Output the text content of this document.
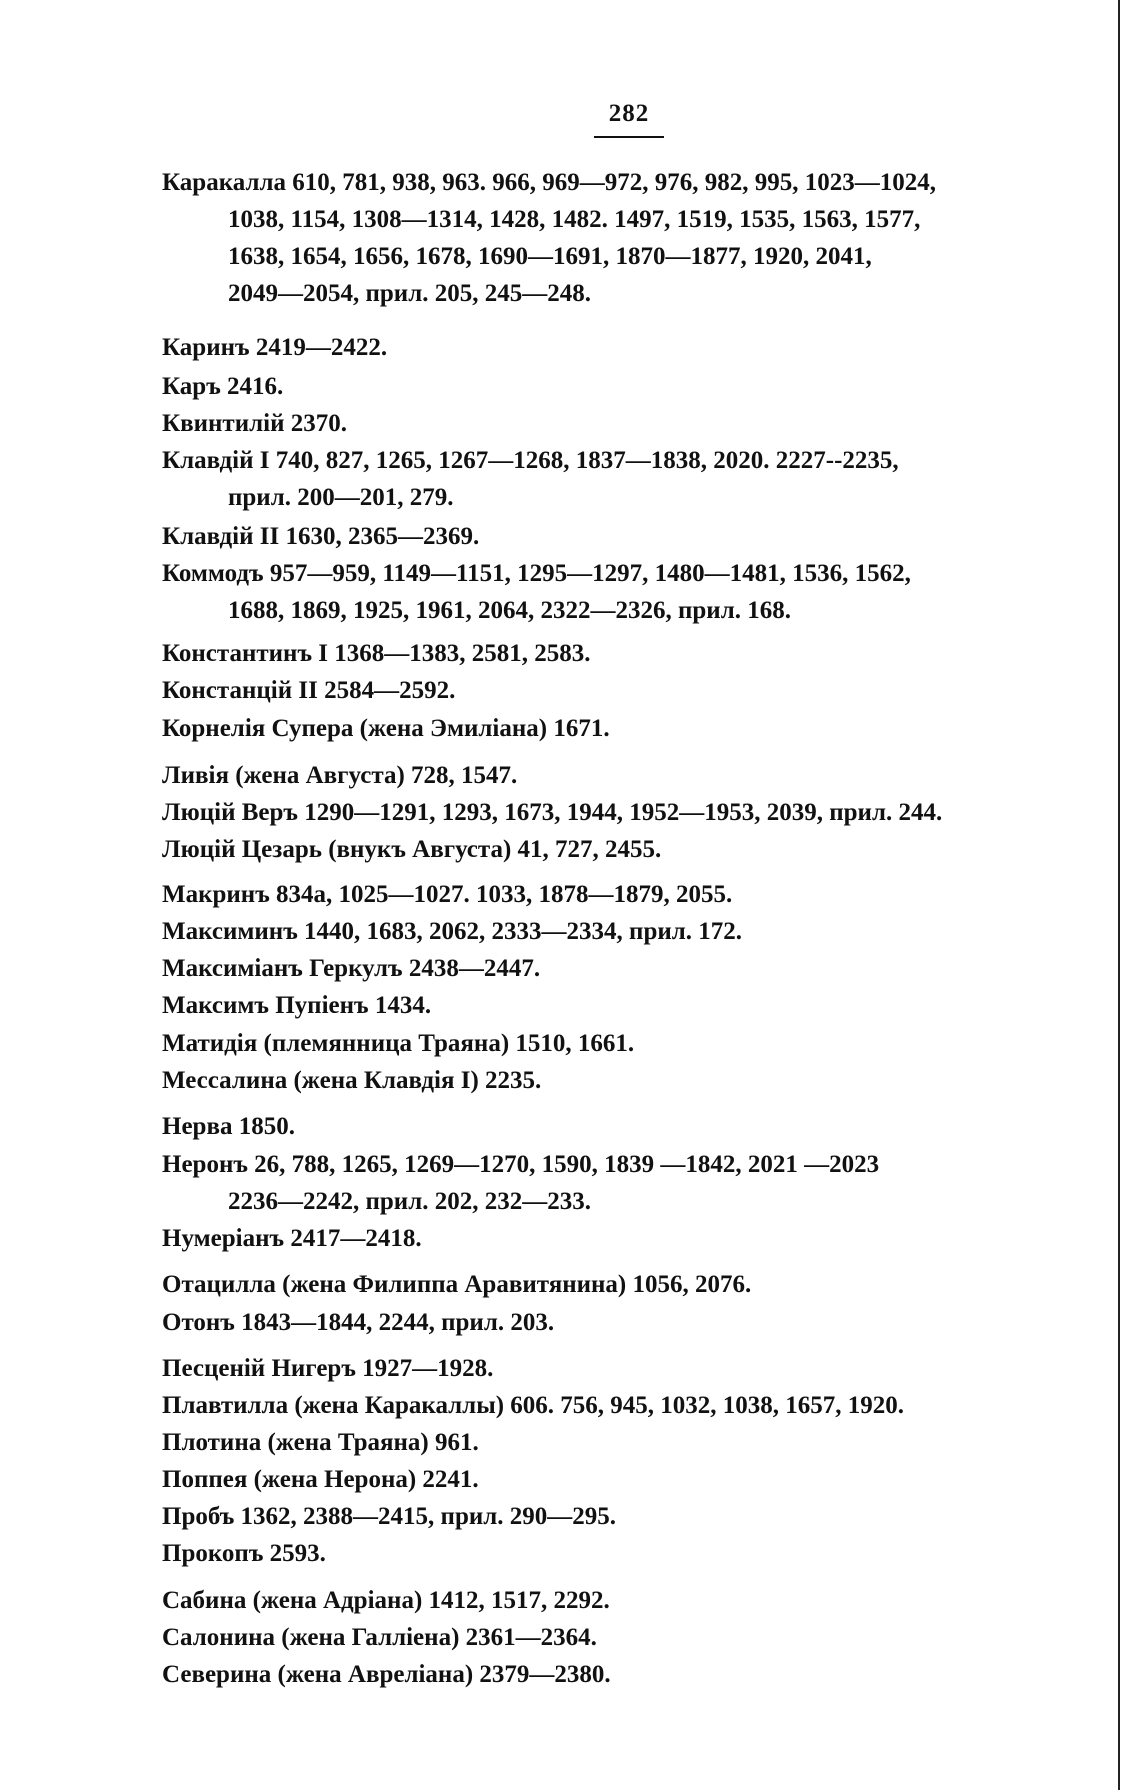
282
Каракалла 610, 781, 938, 963. 966, 969—972, 976, 982, 995, 1023—1024,
1038, 1154, 1308—1314, 1428, 1482. 1497, 1519, 1535, 1563, 1577,
1638, 1654, 1656, 1678, 1690—1691, 1870—1877, 1920, 2041,
2049—2054, прил. 205, 245—248.
Каринъ 2419—2422.
Каръ 2416.
Квинтилій 2370.
Клавдій I 740, 827, 1265, 1267—1268, 1837—1838, 2020. 2227--2235,
прил. 200—201, 279.
Клавдій II 1630, 2365—2369.
Коммодъ 957—959, 1149—1151, 1295—1297, 1480—1481, 1536, 1562,
1688, 1869, 1925, 1961, 2064, 2322—2326, прил. 168.
Константинъ I 1368—1383, 2581, 2583.
Констанцій II 2584—2592.
Корнелія Супера (жена Эмиліана) 1671.
Ливія (жена Августа) 728, 1547.
Люцій Веръ 1290—1291, 1293, 1673, 1944, 1952—1953, 2039, прил. 244.
Люцій Цезарь (внукъ Августа) 41, 727, 2455.
Макринъ 834а, 1025—1027. 1033, 1878—1879, 2055.
Максиминъ 1440, 1683, 2062, 2333—2334, прил. 172.
Максиміанъ Геркулъ 2438—2447.
Максимъ Пупіенъ 1434.
Матидія (племянница Траяна) 1510, 1661.
Мессалина (жена Клавдія I) 2235.
Нерва 1850.
Неронъ 26, 788, 1265, 1269—1270, 1590, 1839 —1842, 2021 —2023
2236—2242, прил. 202, 232—233.
Нумеріанъ 2417—2418.
Отацилла (жена Филиппа Аравитянина) 1056, 2076.
Отонъ 1843—1844, 2244, прил. 203.
Песценій Нигеръ 1927—1928.
Плавтилла (жена Каракаллы) 606. 756, 945, 1032, 1038, 1657, 1920.
Плотина (жена Траяна) 961.
Поппея (жена Нерона) 2241.
Пробъ 1362, 2388—2415, прил. 290—295.
Прокопъ 2593.
Сабина (жена Адріана) 1412, 1517, 2292.
Салонина (жена Галліена) 2361—2364.
Северина (жена Авреліана) 2379—2380.
